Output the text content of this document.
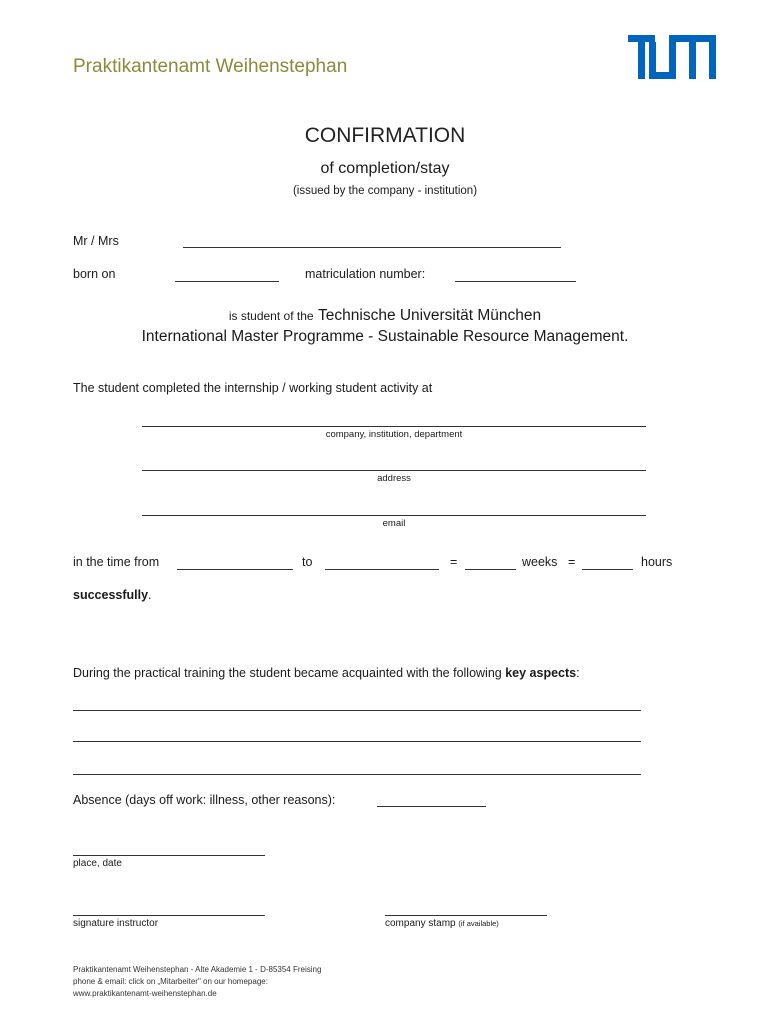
Praktikantenamt Weihenstephan
CONFIRMATION
of completion/stay
(issued by the company - institution)
Mr / Mrs
born on	matriculation number:
is student of the Technische Universität München
International Master Programme - Sustainable Resource Management.
The student completed the internship / working student activity at
company, institution, department
address
email
in the time from	to	=	weeks =	hours
successfully.
During the practical training the student became acquainted with the following key aspects:
Absence (days off work: illness, other reasons):
place, date
signature instructor	company stamp (if available)
Praktikantenamt Weihenstephan - Alte Akademie 1 - D-85354 Freising
phone & email: click on „Mitarbeiter" on our homepage:
www.praktikantenamt-weihenstephan.de
